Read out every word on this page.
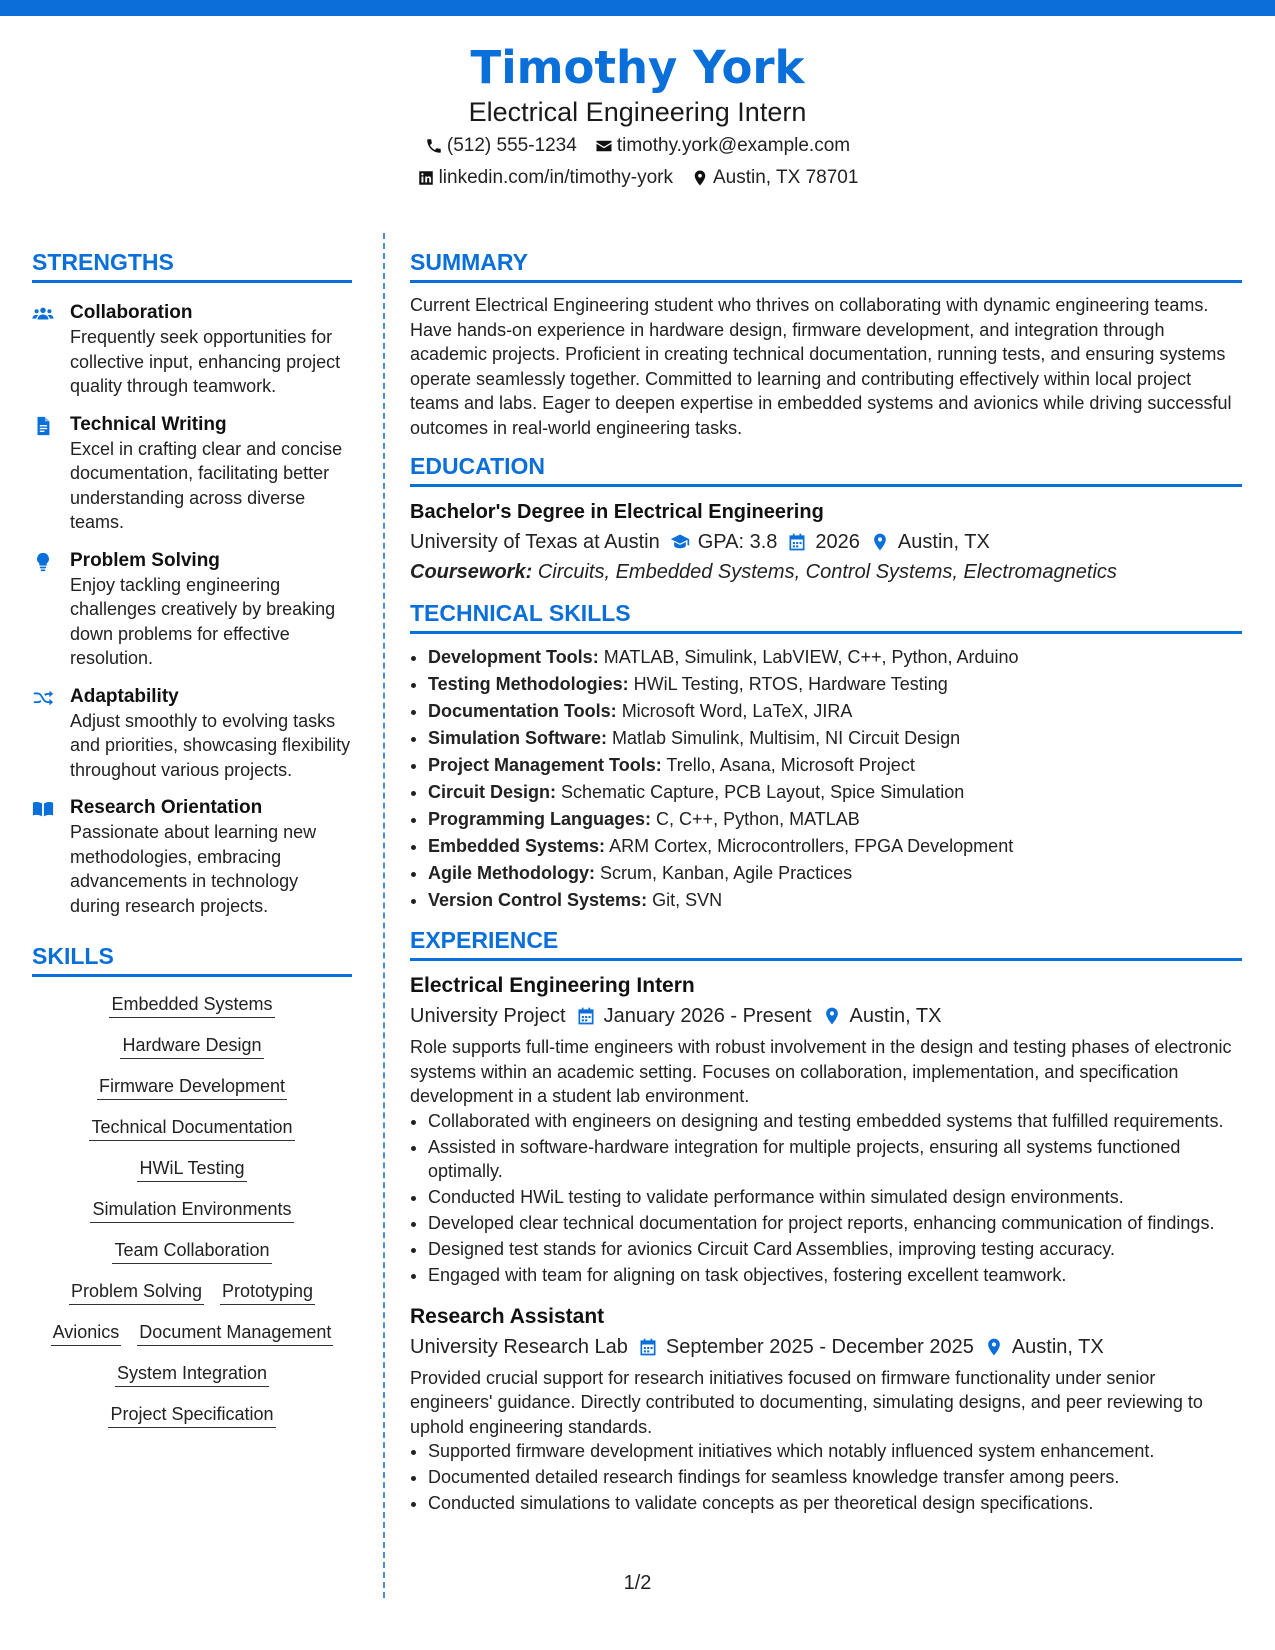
Timothy York
Electrical Engineering Intern
(512) 555-1234 timothy.york@example.com
linkedin.com/in/timothy-york Austin, TX 78701
STRENGTHS
Collaboration
Frequently seek opportunities for collective input, enhancing project quality through teamwork.
Technical Writing
Excel in crafting clear and concise documentation, facilitating better understanding across diverse teams.
Problem Solving
Enjoy tackling engineering challenges creatively by breaking down problems for effective resolution.
Adaptability
Adjust smoothly to evolving tasks and priorities, showcasing flexibility throughout various projects.
Research Orientation
Passionate about learning new methodologies, embracing advancements in technology during research projects.
SKILLS
Embedded Systems
Hardware Design
Firmware Development
Technical Documentation
HWiL Testing
Simulation Environments
Team Collaboration
Problem Solving Prototyping
Avionics Document Management
System Integration
Project Specification
SUMMARY

Current Electrical Engineering student who thrives on collaborating with dynamic engineering teams. Have hands-on experience in hardware design, firmware development, and integration through academic projects. Proficient in creating technical documentation, running tests, and ensuring systems operate seamlessly together. Committed to learning and contributing effectively within local project teams and labs. Eager to deepen expertise in embedded systems and avionics while driving successful outcomes in real-world engineering tasks.

EDUCATION
Bachelor's Degree in Electrical Engineering
University of Texas at Austin GPA: 3.8 2026 Austin, TX
Coursework: Circuits, Embedded Systems, Control Systems, Electromagnetics
TECHNICAL SKILLS
• Development Tools: MATLAB, Simulink, LabVIEW, C++, Python, Arduino
• Testing Methodologies: HWiL Testing, RTOS, Hardware Testing
• Documentation Tools: Microsoft Word, LaTeX, JIRA
• Simulation Software: Matlab Simulink, Multisim, NI Circuit Design
• Project Management Tools: Trello, Asana, Microsoft Project
• Circuit Design: Schematic Capture, PCB Layout, Spice Simulation
• Programming Languages: C, C++, Python, MATLAB
• Embedded Systems: ARM Cortex, Microcontrollers, FPGA Development
• Agile Methodology: Scrum, Kanban, Agile Practices
• Version Control Systems: Git, SVN
EXPERIENCE
Electrical Engineering Intern
University Project January 2026 - Present Austin, TX

Role supports full-time engineers with robust involvement in the design and testing phases of electronic systems within an academic setting. Focuses on collaboration, implementation, and specification development in a student lab environment.

• Collaborated with engineers on designing and testing embedded systems that fulfilled requirements.
• Assisted in software-hardware integration for multiple projects, ensuring all systems functioned optimally.
• Conducted HWiL testing to validate performance within simulated design environments.
• Developed clear technical documentation for project reports, enhancing communication of findings.
• Designed test stands for avionics Circuit Card Assemblies, improving testing accuracy.
• Engaged with team for aligning on task objectives, fostering excellent teamwork.
Research Assistant
University Research Lab September 2025 - December 2025 Austin, TX

Provided crucial support for research initiatives focused on firmware functionality under senior engineers' guidance. Directly contributed to documenting, simulating designs, and peer reviewing to uphold engineering standards.

• Supported firmware development initiatives which notably influenced system enhancement.
• Documented detailed research findings for seamless knowledge transfer among peers.
• Conducted simulations to validate concepts as per theoretical design specifications.
1/2
